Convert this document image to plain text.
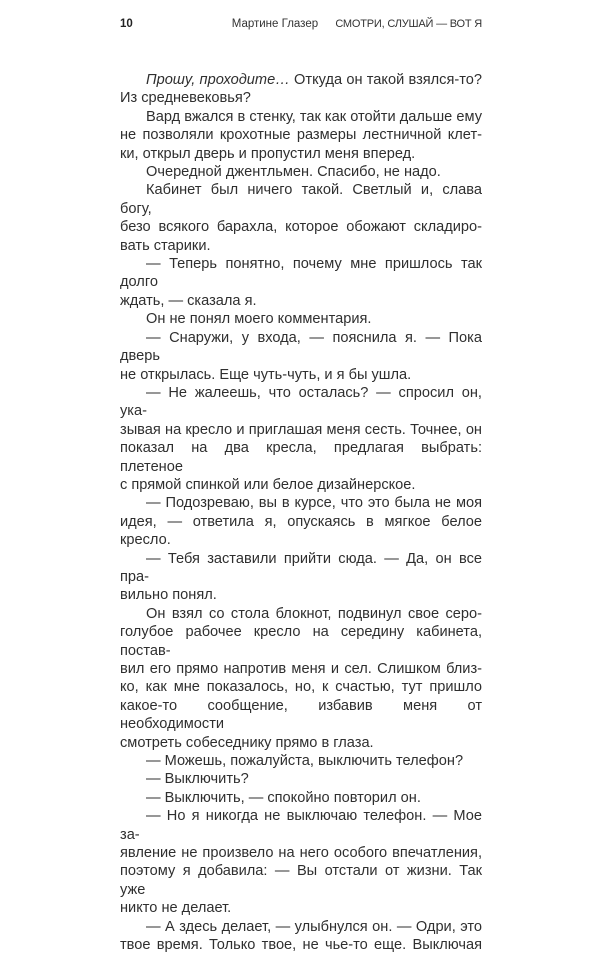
10	Мартине Глазер СМОТРИ, СЛУШАЙ — ВОТ Я
Прошу, проходите… Откуда он такой взялся-то?
Из средневековья?
Вард вжался в стенку, так как отойти дальше ему
не позволяли крохотные размеры лестничной клет-
ки, открыл дверь и пропустил меня вперед.
Очередной джентльмен. Спасибо, не надо.
Кабинет был ничего такой. Светлый и, слава богу,
безо всякого барахла, которое обожают складиро-
вать старики.
— Теперь понятно, почему мне пришлось так долго
ждать, — сказала я.
Он не понял моего комментария.
— Снаружи, у входа, — пояснила я. — Пока дверь
не открылась. Еще чуть-чуть, и я бы ушла.
— Не жалеешь, что осталась? — спросил он, ука-
зывая на кресло и приглашая меня сесть. Точнее, он
показал на два кресла, предлагая выбрать: плетеное
с прямой спинкой или белое дизайнерское.
— Подозреваю, вы в курсе, что это была не моя
идея, — ответила я, опускаясь в мягкое белое кресло.
— Тебя заставили прийти сюда. — Да, он все пра-
вильно понял.
Он взял со стола блокнот, подвинул свое серо-
голубое рабочее кресло на середину кабинета, постав-
вил его прямо напротив меня и сел. Слишком близ-
ко, как мне показалось, но, к счастью, тут пришло
какое-то сообщение, избавив меня от необходимости
смотреть собеседнику прямо в глаза.
— Можешь, пожалуйста, выключить телефон?
— Выключить?
— Выключить, — спокойно повторил он.
— Но я никогда не выключаю телефон. — Мое за-
явление не произвело на него особого впечатления,
поэтому я добавила: — Вы отстали от жизни. Так уже
никто не делает.
— А здесь делает, — улыбнулся он. — Одри, это
твое время. Только твое, не чье-то еще. Выключая
